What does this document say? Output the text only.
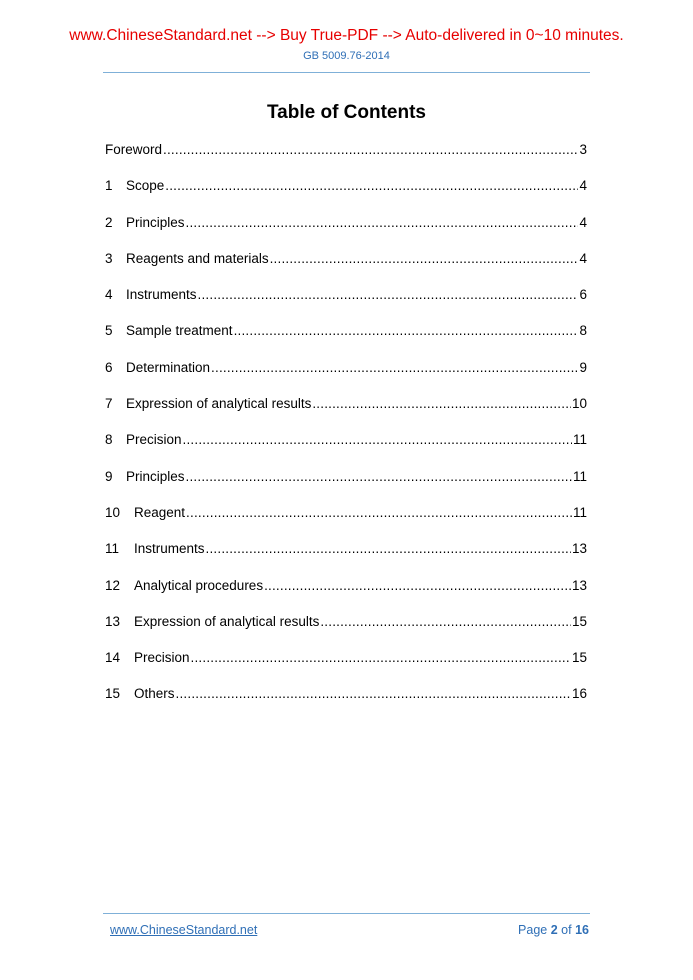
www.ChineseStandard.net --> Buy True-PDF --> Auto-delivered in 0~10 minutes.
GB 5009.76-2014
Table of Contents
Foreword .....	3
1 Scope .....	4
2 Principles .....	4
3 Reagents and materials .....	4
4 Instruments .....	6
5 Sample treatment .....	8
6 Determination .....	9
7 Expression of analytical results .....	10
8 Precision .....	11
9 Principles .....	11
10	Reagent .....	11
11	Instruments .....	13
12	Analytical procedures .....	13
13	Expression of analytical results .....	15
14	Precision .....	15
15	Others .....	16
www.ChineseStandard.net	Page 2 of 16
